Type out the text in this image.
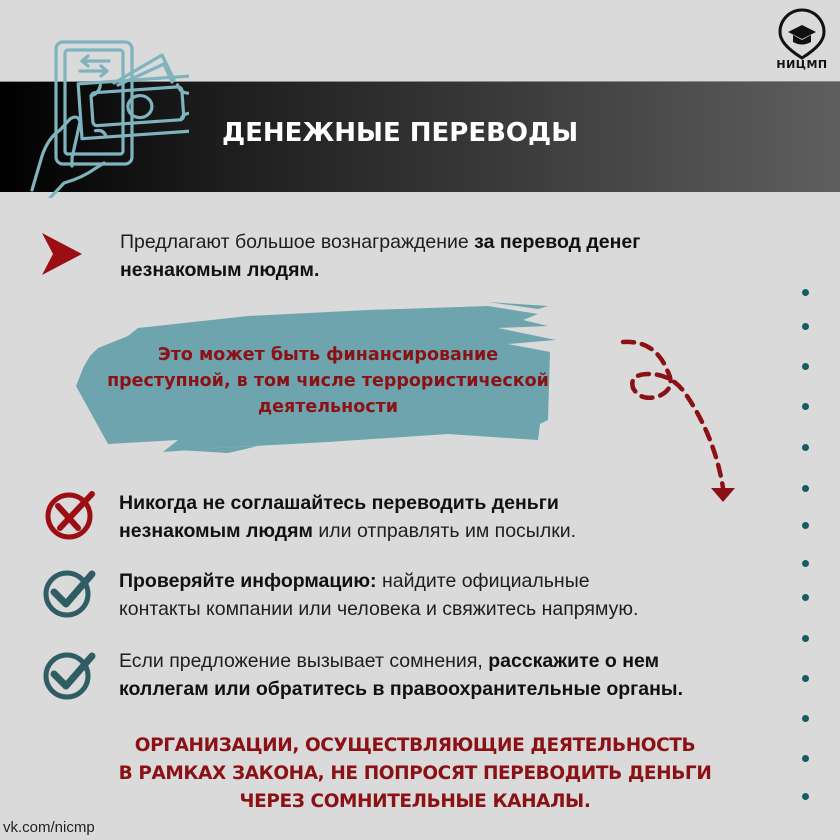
ДЕНЕЖНЫЕ ПЕРЕВОДЫ
НИЦМП
Предлагают большое вознаграждение за перевод денег
незнакомым людям.
Это может быть финансирование
преступной, в том числе террористической
деятельности
Никогда не соглашайтесь переводить деньги
незнакомым людям или отправлять им посылки.
Проверяйте информацию: найдите официальные
контакты компании или человека и свяжитесь напрямую.
Если предложение вызывает сомнения, расскажите о нем
коллегам или обратитесь в правоохранительные органы.
ОРГАНИЗАЦИИ, ОСУЩЕСТВЛЯЮЩИЕ ДЕЯТЕЛЬНОСТЬ
В РАМКАХ ЗАКОНА, НЕ ПОПРОСЯТ ПЕРЕВОДИТЬ ДЕНЬГИ
ЧЕРЕЗ СОМНИТЕЛЬНЫЕ КАНАЛЫ.
vk.com/nicmp
